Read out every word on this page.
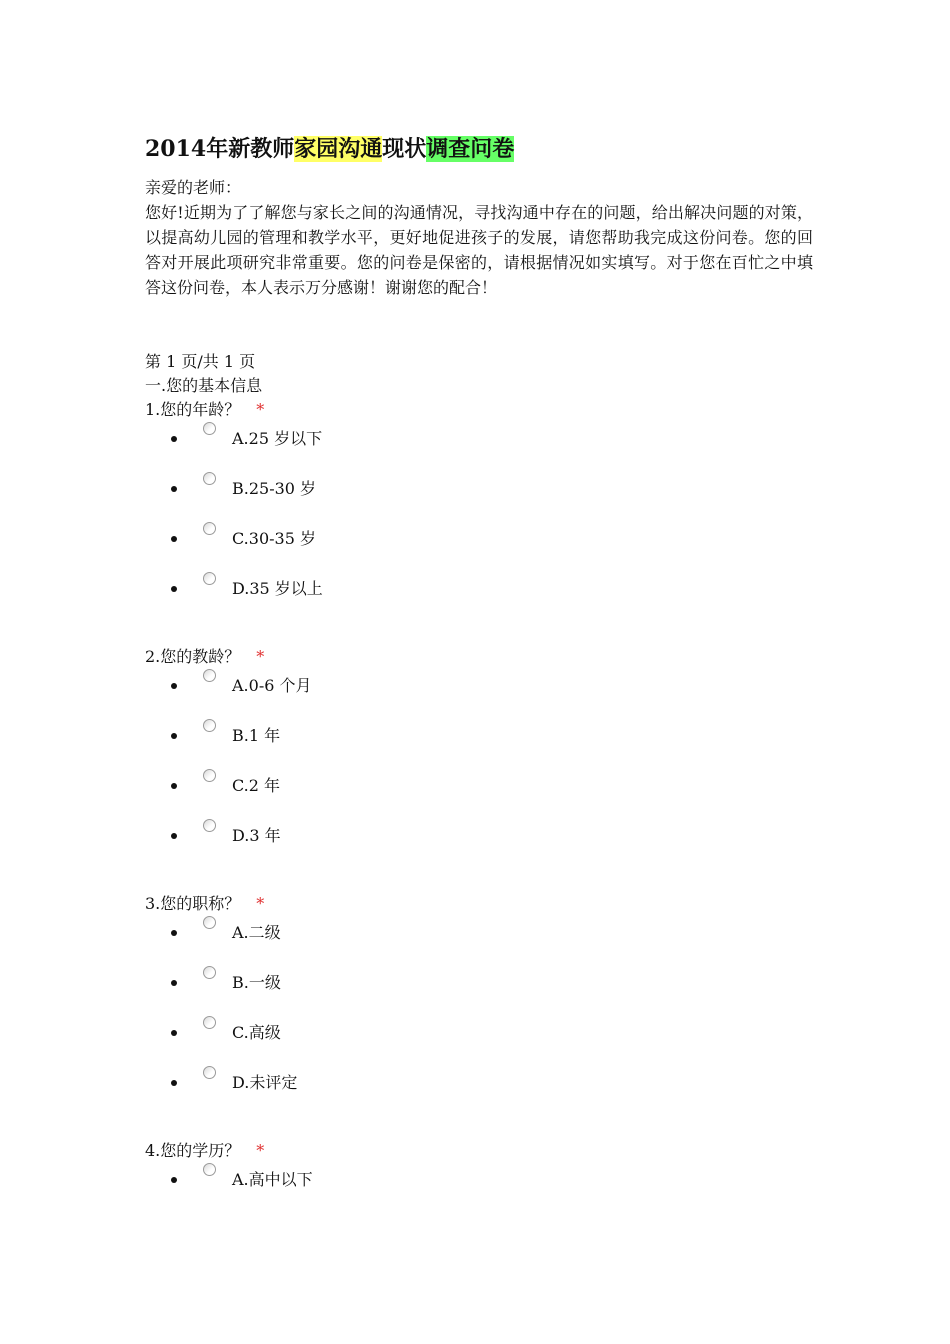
2014年新教师家园沟通现状调查问卷
亲爱的老师：
您好!近期为了了解您与家长之间的沟通情况，寻找沟通中存在的问题，给出解决问题的对策，以提高幼儿园的管理和教学水平，更好地促进孩子的发展，请您帮助我完成这份问卷。您的回答对开展此项研究非常重要。您的问卷是保密的，请根据情况如实填写。对于您在百忙之中填答这份问卷，本人表示万分感谢！谢谢您的配合！
第 1 页/共 1 页
一.您的基本信息
1.您的年龄？ *
A.25 岁以下
B.25-30 岁
C.30-35 岁
D.35 岁以上
2.您的教龄？ *
A.0-6 个月
B.1 年
C.2 年
D.3 年
3.您的职称？ *
A.二级
B.一级
C.高级
D.未评定
4.您的学历？ *
A.高中以下
